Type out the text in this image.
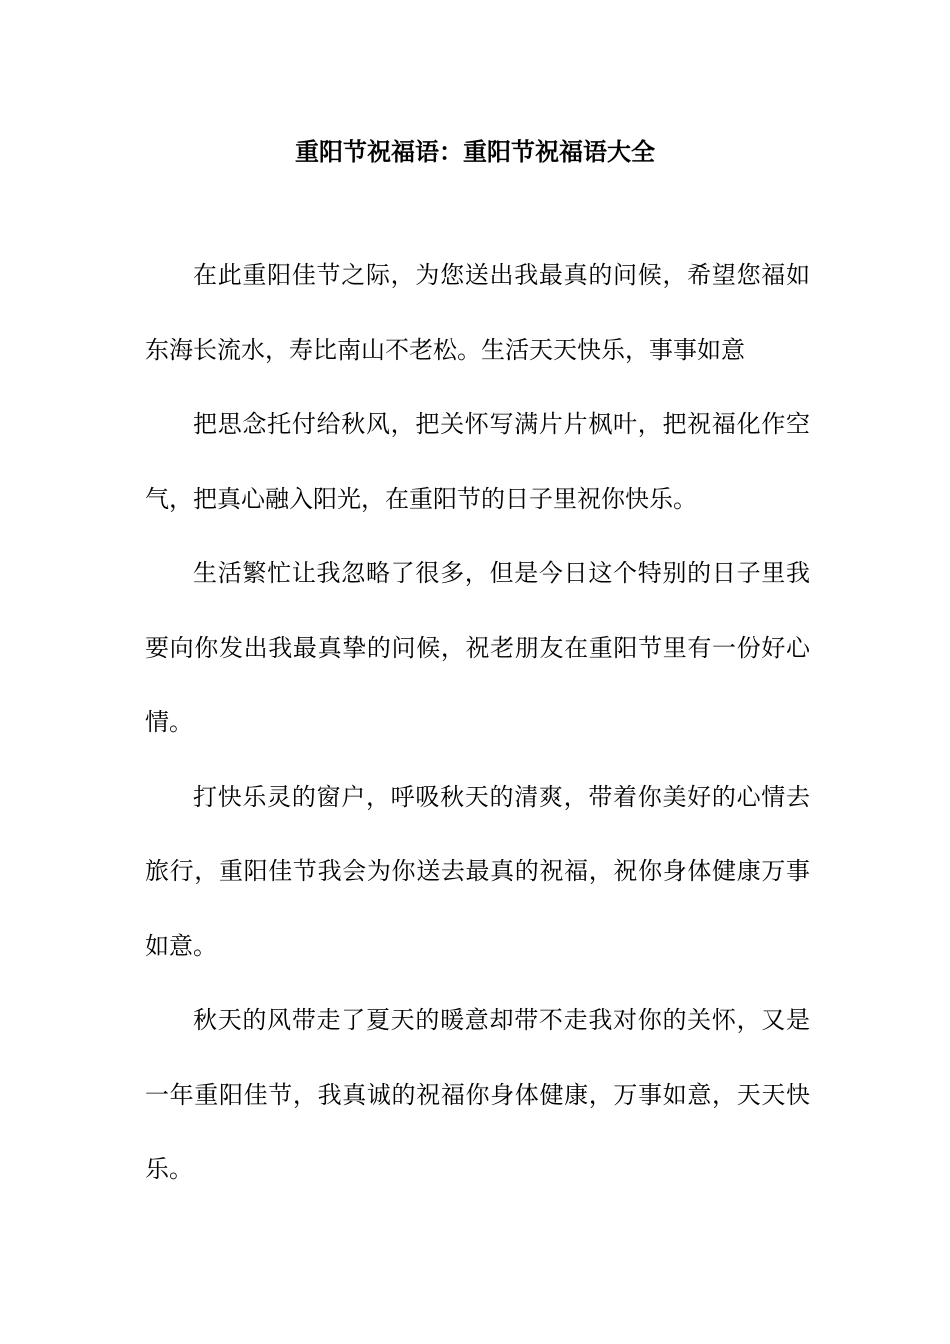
重阳节祝福语：重阳节祝福语大全

在此重阳佳节之际，为您送出我最真的问候，希望您福如东海长流水，寿比南山不老松。生活天天快乐，事事如意

把思念托付给秋风，把关怀写满片片枫叶，把祝福化作空气，把真心融入阳光，在重阳节的日子里祝你快乐。

生活繁忙让我忽略了很多，但是今日这个特别的日子里我要向你发出我最真挚的问候，祝老朋友在重阳节里有一份好心情。

打快乐灵的窗户，呼吸秋天的清爽，带着你美好的心情去旅行，重阳佳节我会为你送去最真的祝福，祝你身体健康万事如意。

秋天的风带走了夏天的暖意却带不走我对你的关怀，又是一年重阳佳节，我真诚的祝福你身体健康，万事如意，天天快乐。
